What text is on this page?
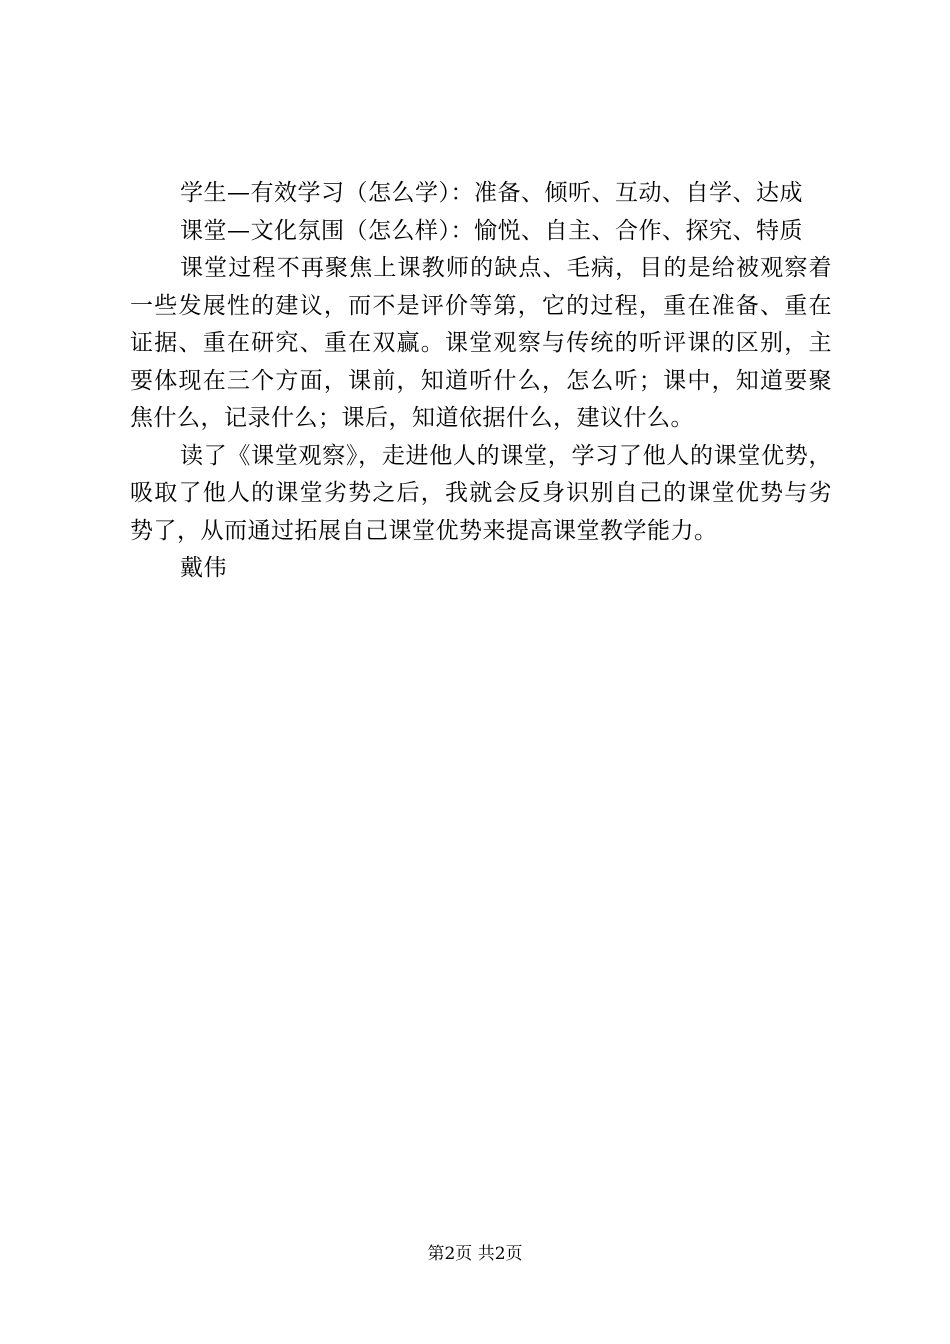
学生—有效学习（怎么学）：准备、倾听、互动、自学、达成

课堂—文化氛围（怎么样）：愉悦、自主、合作、探究、特质

课堂过程不再聚焦上课教师的缺点、毛病，目的是给被观察着一些发展性的建议，而不是评价等第，它的过程，重在准备、重在证据、重在研究、重在双赢。课堂观察与传统的听评课的区别，主要体现在三个方面，课前，知道听什么，怎么听；课中，知道要聚焦什么，记录什么；课后，知道依据什么，建议什么。

读了《课堂观察》，走进他人的课堂，学习了他人的课堂优势，吸取了他人的课堂劣势之后，我就会反身识别自己的课堂优势与劣势了，从而通过拓展自己课堂优势来提高课堂教学能力。

戴伟

第2页 共2页
